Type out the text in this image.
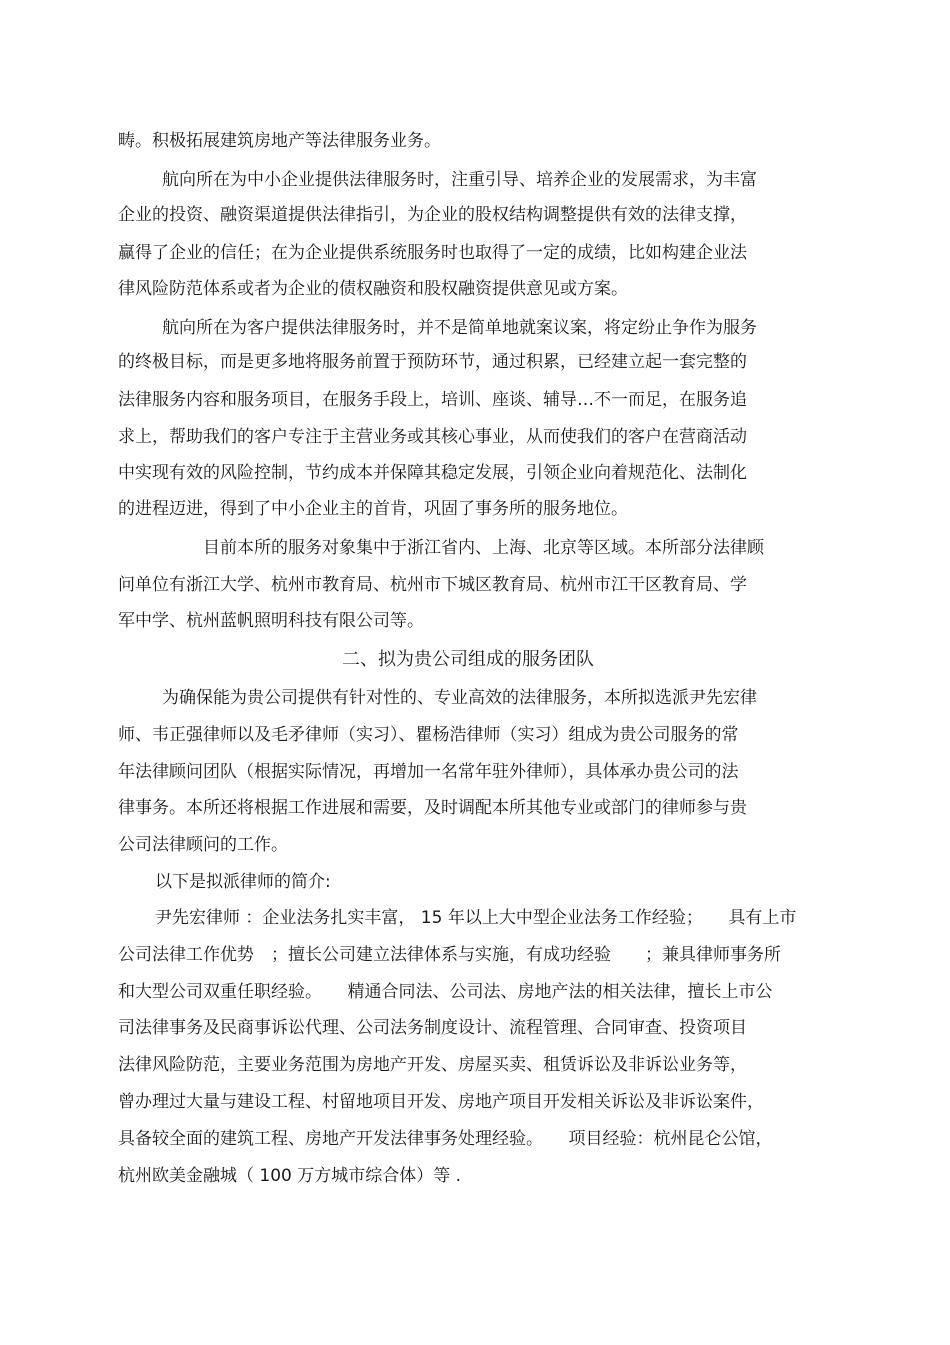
畴。积极拓展建筑房地产等法律服务业务。
航向所在为中小企业提供法律服务时，注重引导、培养企业的发展需求，为丰富
企业的投资、融资渠道提供法律指引，为企业的股权结构调整提供有效的法律支撑，
赢得了企业的信任；在为企业提供系统服务时也取得了一定的成绩，比如构建企业法
律风险防范体系或者为企业的债权融资和股权融资提供意见或方案。
航向所在为客户提供法律服务时，并不是简单地就案议案，将定纷止争作为服务
的终极目标，而是更多地将服务前置于预防环节，通过积累，已经建立起一套完整的
法律服务内容和服务项目，在服务手段上，培训、座谈、辅导…不一而足，在服务追
求上，帮助我们的客户专注于主营业务或其核心事业，从而使我们的客户在营商活动
中实现有效的风险控制，节约成本并保障其稳定发展，引领企业向着规范化、法制化
的进程迈进，得到了中小企业主的首肯，巩固了事务所的服务地位。
目前本所的服务对象集中于浙江省内、上海、北京等区域。本所部分法律顾
问单位有浙江大学、杭州市教育局、杭州市下城区教育局、杭州市江干区教育局、学
军中学、杭州蓝帆照明科技有限公司等。
二、拟为贵公司组成的服务团队
为确保能为贵公司提供有针对性的、专业高效的法律服务，本所拟选派尹先宏律
师、韦正强律师以及毛矛律师（实习）、瞿杨浩律师（实习）组成为贵公司服务的常
年法律顾问团队（根据实际情况，再增加一名常年驻外律师），具体承办贵公司的法
律事务。本所还将根据工作进展和需要，及时调配本所其他专业或部门的律师参与贵
公司法律顾问的工作。
以下是拟派律师的简介:
尹先宏律师 ：企业法务扎实丰富， 15 年以上大中型企业法务工作经验；　　具有上市
公司法律工作优势　；擅长公司建立法律体系与实施，有成功经验　　；兼具律师事务所
和大型公司双重任职经验。　　精通合同法、公司法、房地产法的相关法律，擅长上市公
司法律事务及民商事诉讼代理、公司法务制度设计、流程管理、合同审查、投资项目
法律风险防范，主要业务范围为房地产开发、房屋买卖、租赁诉讼及非诉讼业务等，
曾办理过大量与建设工程、村留地项目开发、房地产项目开发相关诉讼及非诉讼案件，
具备较全面的建筑工程、房地产开发法律事务处理经验。　　项目经验：杭州昆仑公馆，
杭州欧美金融城（ 100 万方城市综合体）等 .
